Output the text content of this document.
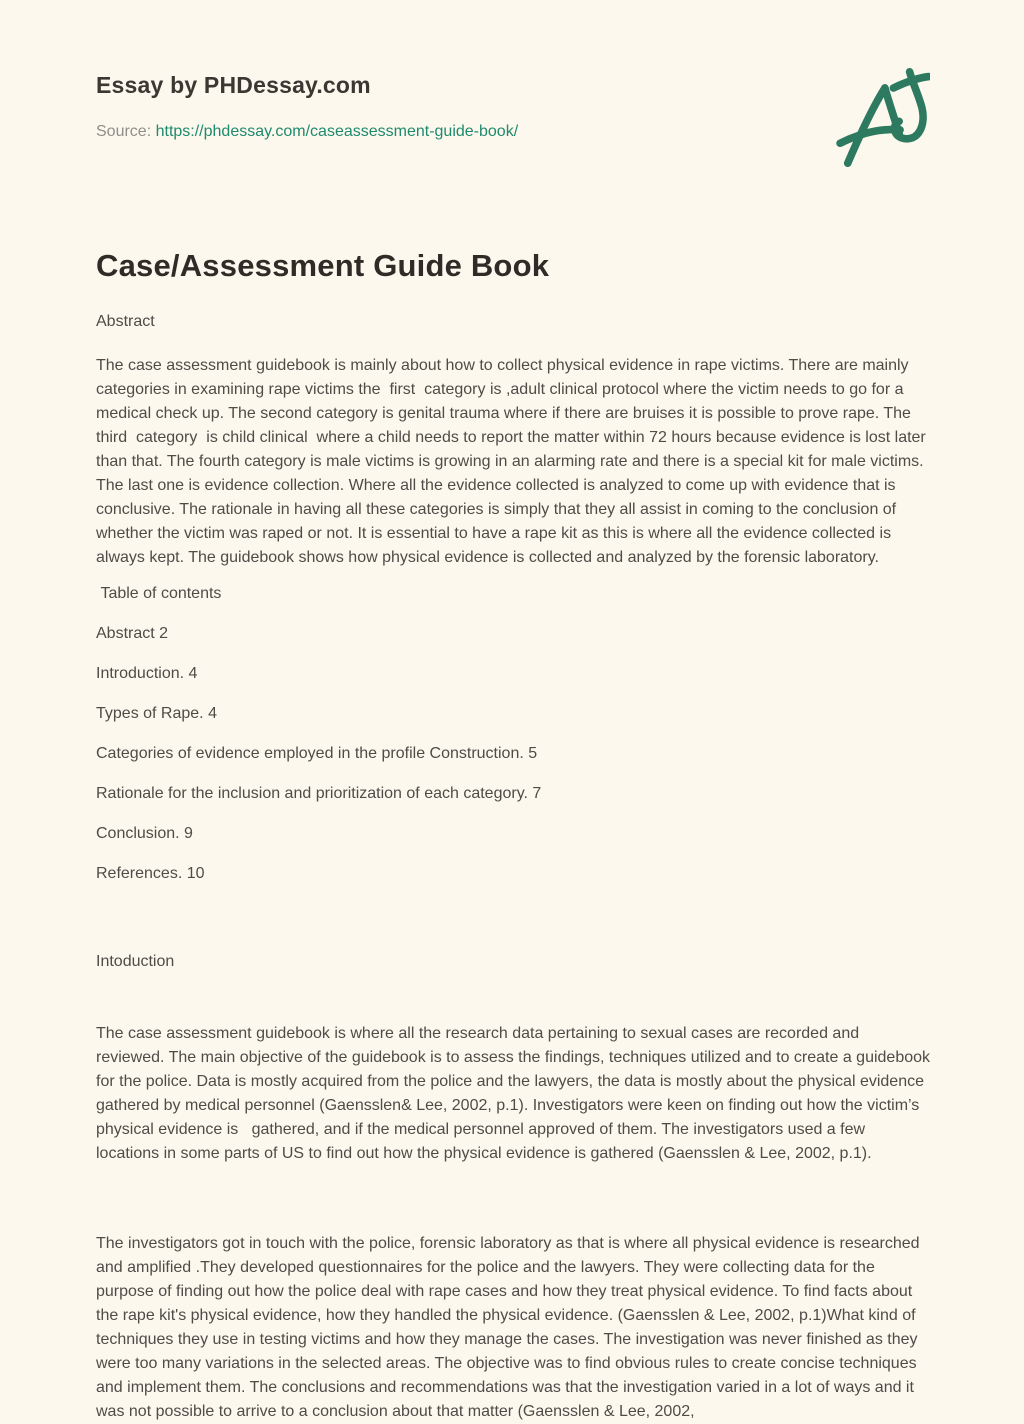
Essay by PHDessay.com

Source: https://phdessay.com/caseassessment-guide-book/

Case/Assessment Guide Book

Abstract

The case assessment guidebook is mainly about how to collect physical evidence in rape victims. There are mainly categories in examining rape victims the  first  category is ,adult clinical protocol where the victim needs to go for a medical check up. The second category is genital trauma where if there are bruises it is possible to prove rape. The third  category  is child clinical  where a child needs to report the matter within 72 hours because evidence is lost later than that. The fourth category is male victims is growing in an alarming rate and there is a special kit for male victims. The last one is evidence collection. Where all the evidence collected is analyzed to come up with evidence that is conclusive. The rationale in having all these categories is simply that they all assist in coming to the conclusion of whether the victim was raped or not. It is essential to have a rape kit as this is where all the evidence collected is always kept. The guidebook shows how physical evidence is collected and analyzed by the forensic laboratory.

Table of contents

Abstract 2

Introduction. 4

Types of Rape. 4

Categories of evidence employed in the profile Construction. 5

Rationale for the inclusion and prioritization of each category. 7

Conclusion. 9

References. 10

Intoduction

The case assessment guidebook is where all the research data pertaining to sexual cases are recorded and reviewed. The main objective of the guidebook is to assess the findings, techniques utilized and to create a guidebook for the police. Data is mostly acquired from the police and the lawyers, the data is mostly about the physical evidence gathered by medical personnel (Gaensslen& Lee, 2002, p.1). Investigators were keen on finding out how the victim’s physical evidence is   gathered, and if the medical personnel approved of them. The investigators used a few locations in some parts of US to find out how the physical evidence is gathered (Gaensslen & Lee, 2002, p.1).

The investigators got in touch with the police, forensic laboratory as that is where all physical evidence is researched and amplified .They developed questionnaires for the police and the lawyers. They were collecting data for the purpose of finding out how the police deal with rape cases and how they treat physical evidence. To find facts about the rape kit's physical evidence, how they handled the physical evidence. (Gaensslen & Lee, 2002, p.1)What kind of techniques they use in testing victims and how they manage the cases. The investigation was never finished as they were too many variations in the selected areas. The objective was to find obvious rules to create concise techniques and implement them. The conclusions and recommendations was that the investigation varied in a lot of ways and it was not possible to arrive to a conclusion about that matter (Gaensslen & Lee, 2002,
